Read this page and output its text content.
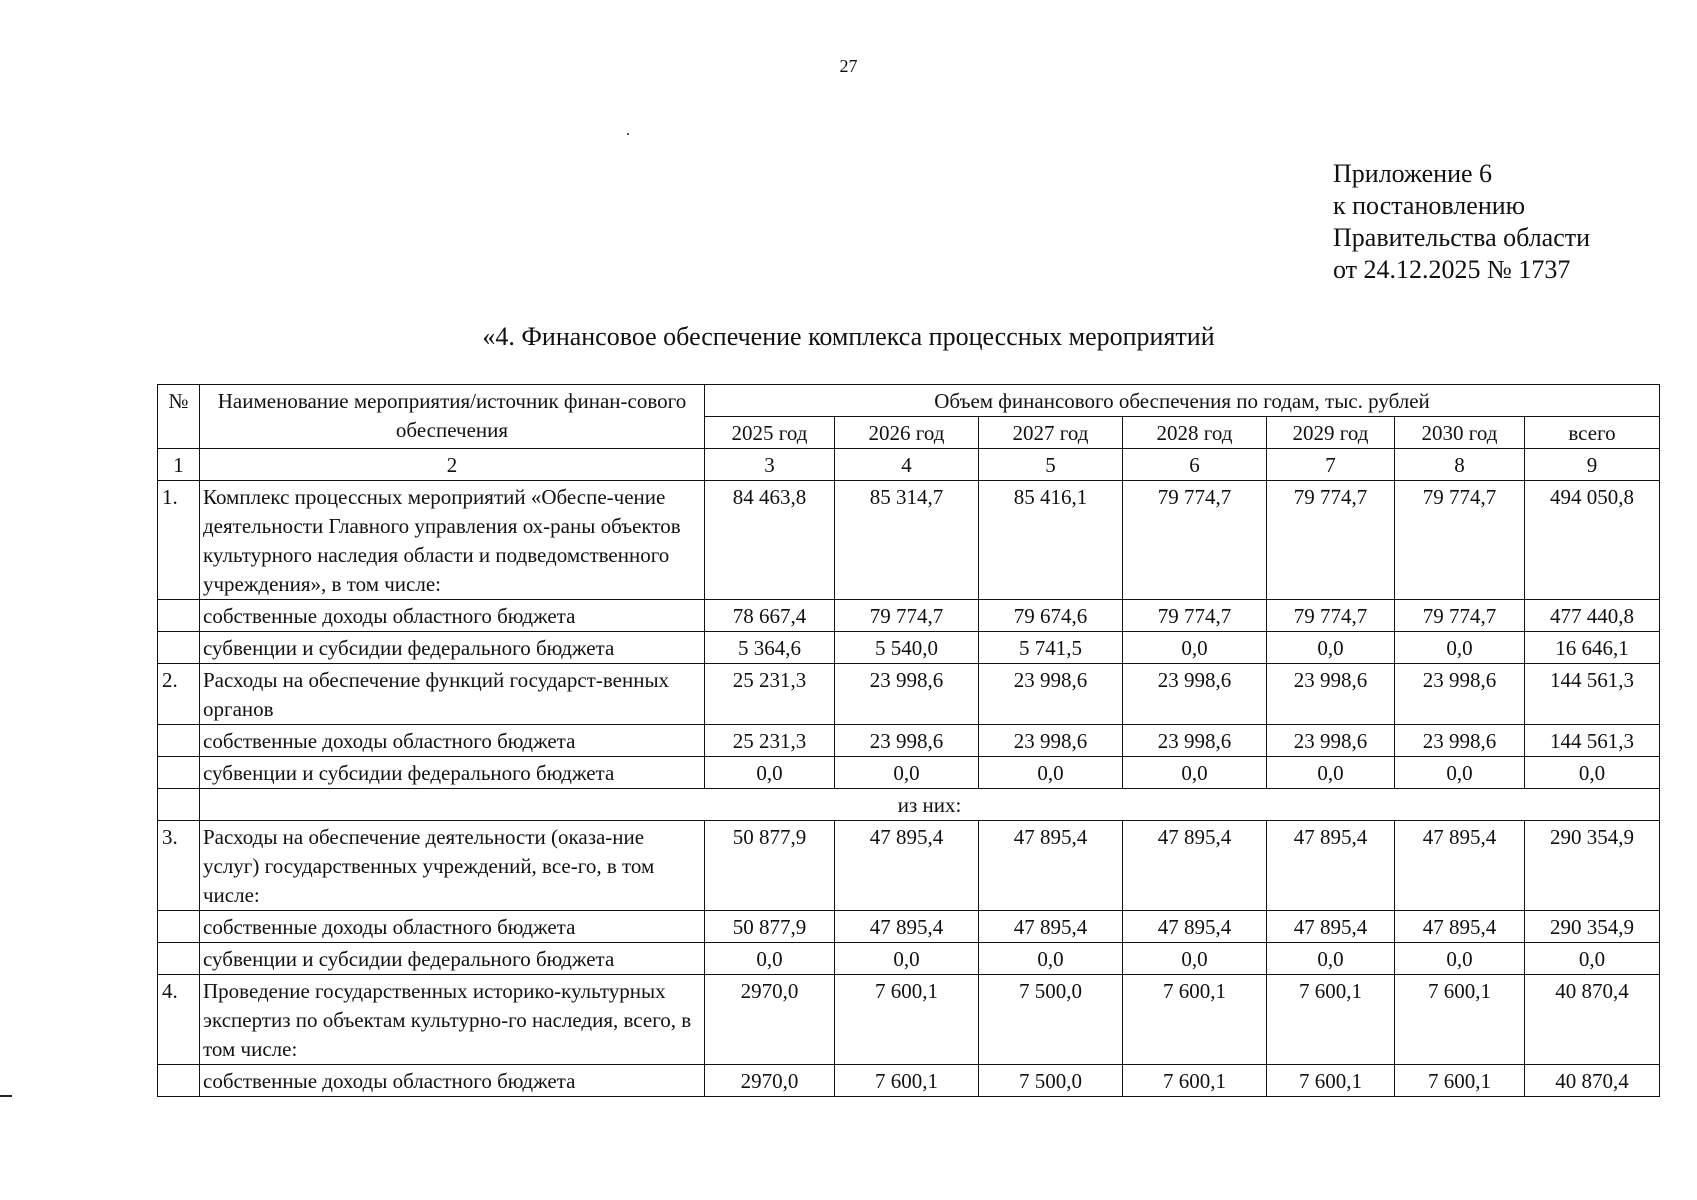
27
Приложение 6
к постановлению
Правительства области
от 24.12.2025 № 1737
«4. Финансовое обеспечение комплекса процессных мероприятий
№	Наименование мероприятия/источник финан-сового обеспечения	Объем финансового обеспечения по годам, тыс. рублей						
		2025 год	2026 год	2027 год	2028 год	2029 год	2030 год	всего
1	2	3	4	5	6	7	8	9
1.	Комплекс процессных мероприятий «Обеспе-чение деятельности Главного управления ох-раны объектов культурного наследия области и подведомственного учреждения», в том числе:	84 463,8	85 314,7	85 416,1	79 774,7	79 774,7	79 774,7	494 050,8
	собственные доходы областного бюджета	78 667,4	79 774,7	79 674,6	79 774,7	79 774,7	79 774,7	477 440,8
	субвенции и субсидии федерального бюджета	5 364,6	5 540,0	5 741,5	0,0	0,0	0,0	16 646,1
2.	Расходы на обеспечение функций государст-венных органов	25 231,3	23 998,6	23 998,6	23 998,6	23 998,6	23 998,6	144 561,3
	собственные доходы областного бюджета	25 231,3	23 998,6	23 998,6	23 998,6	23 998,6	23 998,6	144 561,3
	субвенции и субсидии федерального бюджета	0,0	0,0	0,0	0,0	0,0	0,0	0,0
	из них:							
3.	Расходы на обеспечение деятельности (оказа-ние услуг) государственных учреждений, все-го, в том числе:	50 877,9	47 895,4	47 895,4	47 895,4	47 895,4	47 895,4	290 354,9
	собственные доходы областного бюджета	50 877,9	47 895,4	47 895,4	47 895,4	47 895,4	47 895,4	290 354,9
	субвенции и субсидии федерального бюджета	0,0	0,0	0,0	0,0	0,0	0,0	0,0
4.	Проведение государственных историко-культурных экспертиз по объектам культурно-го наследия, всего, в том числе:	2970,0	7 600,1	7 500,0	7 600,1	7 600,1	7 600,1	40 870,4
	собственные доходы областного бюджета	2970,0	7 600,1	7 500,0	7 600,1	7 600,1	7 600,1	40 870,4
